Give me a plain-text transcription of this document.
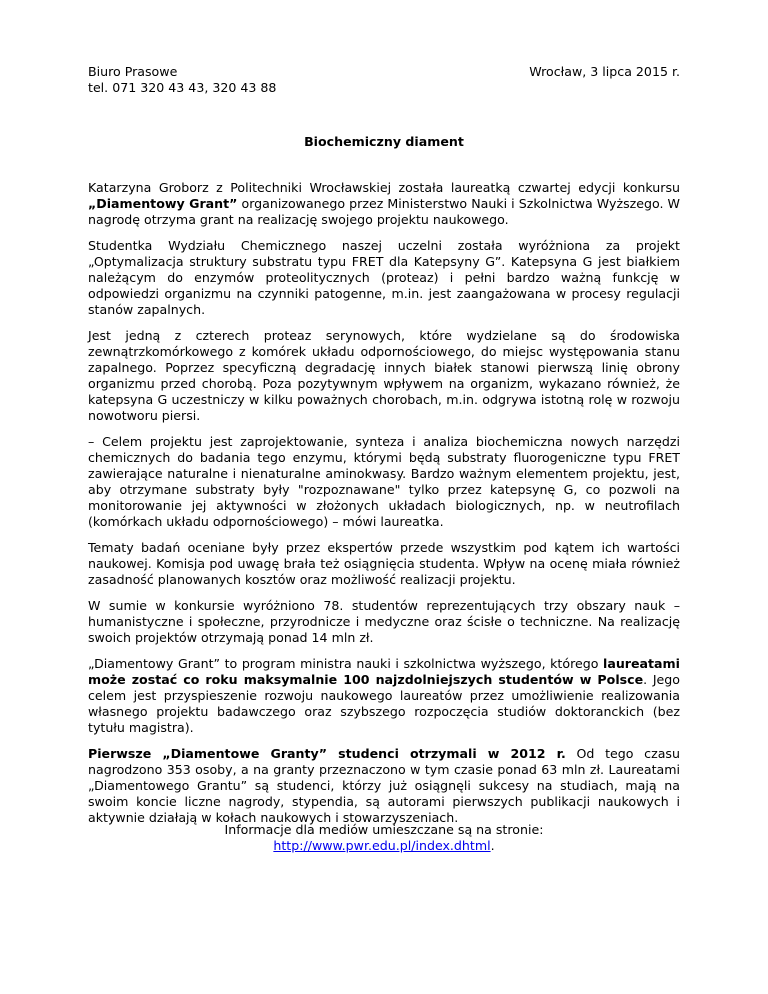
Biuro Prasowe
tel. 071 320 43 43, 320 43 88
Wrocław, 3 lipca 2015 r.
Biochemiczny diament

Katarzyna Groborz z Politechniki Wrocławskiej została laureatką czwartej edycji konkursu „Diamentowy Grant” organizowanego przez Ministerstwo Nauki i Szkolnictwa Wyższego. W nagrodę otrzyma grant na realizację swojego projektu naukowego.

Studentka Wydziału Chemicznego naszej uczelni została wyróżniona za projekt „Optymalizacja struktury substratu typu FRET dla Katepsyny G”. Katepsyna G jest białkiem należącym do enzymów proteolitycznych (proteaz) i pełni bardzo ważną funkcję w odpowiedzi organizmu na czynniki patogenne, m.in. jest zaangażowana w procesy regulacji stanów zapalnych.

Jest jedną z czterech proteaz serynowych, które wydzielane są do środowiska zewnątrzkomórkowego z komórek układu odpornościowego, do miejsc występowania stanu zapalnego. Poprzez specyficzną degradację innych białek stanowi pierwszą linię obrony organizmu przed chorobą. Poza pozytywnym wpływem na organizm, wykazano również, że katepsyna G uczestniczy w kilku poważnych chorobach, m.in. odgrywa istotną rolę w rozwoju nowotworu piersi.

– Celem projektu jest zaprojektowanie, synteza i analiza biochemiczna nowych narzędzi chemicznych do badania tego enzymu, którymi będą substraty fluorogeniczne typu FRET zawierające naturalne i nienaturalne aminokwasy. Bardzo ważnym elementem projektu, jest, aby otrzymane substraty były "rozpoznawane" tylko przez katepsynę G, co pozwoli na monitorowanie jej aktywności w złożonych układach biologicznych, np. w neutrofilach (komórkach układu odpornościowego) – mówi laureatka.

Tematy badań oceniane były przez ekspertów przede wszystkim pod kątem ich wartości naukowej. Komisja pod uwagę brała też osiągnięcia studenta. Wpływ na ocenę miała również zasadność planowanych kosztów oraz możliwość realizacji projektu.

W sumie w konkursie wyróżniono 78. studentów reprezentujących trzy obszary nauk – humanistyczne i społeczne, przyrodnicze i medyczne oraz ścisłe o techniczne. Na realizację swoich projektów otrzymają ponad 14 mln zł.

„Diamentowy Grant” to program ministra nauki i szkolnictwa wyższego, którego laureatami może zostać co roku maksymalnie 100 najzdolniejszych studentów w Polsce. Jego celem jest przyspieszenie rozwoju naukowego laureatów przez umożliwienie realizowania własnego projektu badawczego oraz szybszego rozpoczęcia studiów doktoranckich (bez tytułu magistra).

Pierwsze „Diamentowe Granty” studenci otrzymali w 2012 r. Od tego czasu nagrodzono 353 osoby, a na granty przeznaczono w tym czasie ponad 63 mln zł. Laureatami „Diamentowego Grantu” są studenci, którzy już osiągnęli sukcesy na studiach, mają na swoim koncie liczne nagrody, stypendia, są autorami pierwszych publikacji naukowych i aktywnie działają w kołach naukowych i stowarzyszeniach.

Informacje dla mediów umieszczane są na stronie:
http://www.pwr.edu.pl/index.dhtml.
